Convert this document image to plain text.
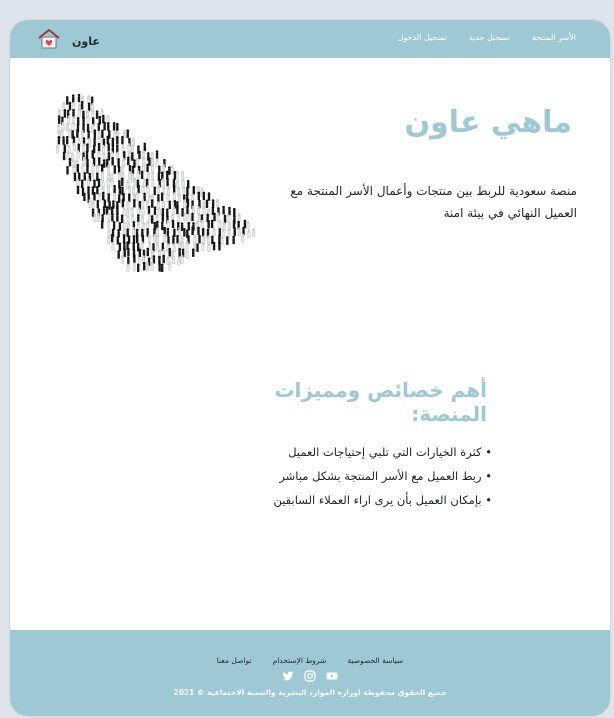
عاون	الأسر المنتجة
تسجيل جديد
تسجيل الدخول
ماهي عاون

منصة سعودية للربط بين منتجات وأعمال الأسر المنتجة مع العميل النهائي في بيئة امنة

أهم خصائص ومميزات المنصة:
• كثرة الخيارات التي تلبي إحتياجات العميل
• ربط العميل مع الأسر المنتجة بشكل مباشر
• بإمكان العميل بأن يرى اراء العملاء السابقين
سياسة الخصوصية شروط الإستخدام تواصل معنا
جميع الحقوق محفوظة لوزارة الموارد البشرية والتنمية الاجتماعية © 2021
